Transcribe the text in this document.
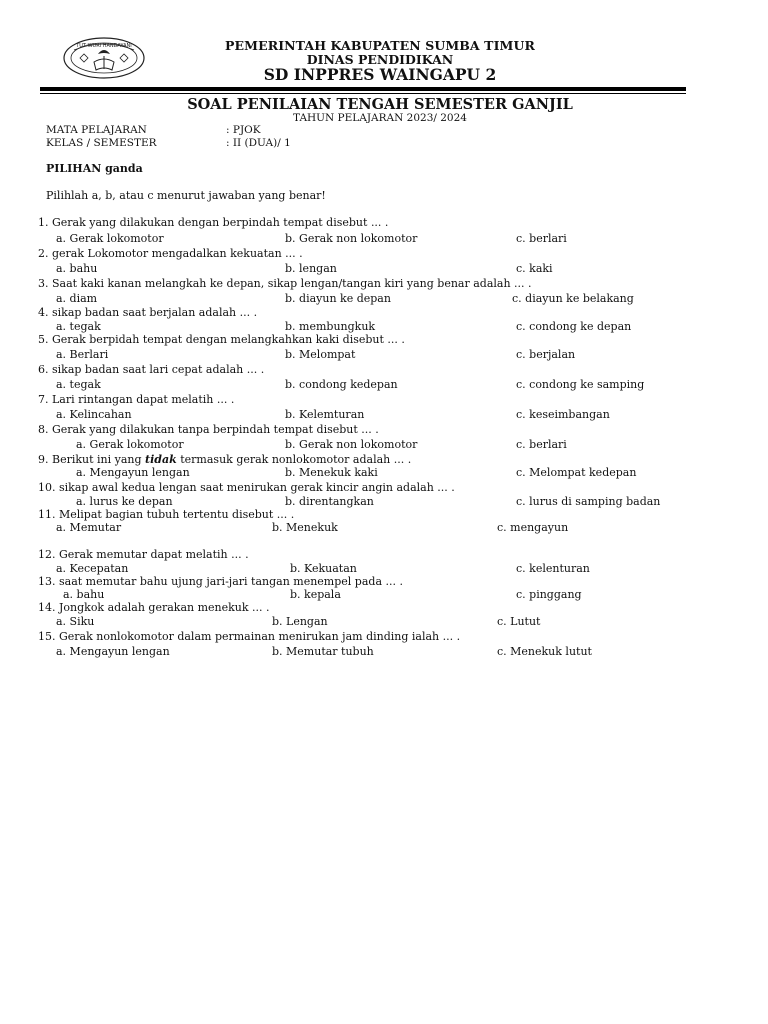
TUT WURI HANDAYANI	PEMERINTAH KABUPATEN SUMBA TIMUR
DINAS PENDIDIKAN
SD INPPRES WAINGAPU 2
SOAL PENILAIAN TENGAH SEMESTER GANJIL
TAHUN PELAJARAN 2023/ 2024
MATA PELAJARAN	: PJOK
KELAS / SEMESTER	: II (DUA)/ 1
PILIHAN ganda
Pilihlah a, b, atau c menurut jawaban yang benar!
1. Gerak yang dilakukan dengan berpindah tempat disebut ... .
a. Gerak lokomotor	b. Gerak non lokomotor	c. berlari
2. gerak Lokomotor mengadalkan kekuatan ... .
a. bahu	b. lengan	c. kaki
3. Saat kaki kanan melangkah ke depan, sikap lengan/tangan kiri yang benar adalah ... .
a. diam	b. diayun ke depan	c. diayun ke belakang
4. sikap badan saat berjalan adalah ... .
a. tegak	b. membungkuk	c. condong ke depan
5. Gerak berpidah tempat dengan melangkahkan kaki disebut ... .
a. Berlari	b. Melompat	c. berjalan
6. sikap badan saat lari cepat adalah ... .
a. tegak	b. condong kedepan	c. condong ke samping
7. Lari rintangan dapat melatih ... .
a. Kelincahan	b. Kelemturan	c. keseimbangan
8. Gerak yang dilakukan tanpa berpindah tempat disebut ... .
a. Gerak lokomotor	b. Gerak non lokomotor	c. berlari
9. Berikut ini yang tidak termasuk gerak nonlokomotor adalah ... .
a. Mengayun lengan	b. Menekuk kaki	c. Melompat kedepan
10. sikap awal kedua lengan saat menirukan gerak kincir angin adalah ... .
a. lurus ke depan	b. direntangkan	c. lurus di samping badan
11. Melipat bagian tubuh tertentu disebut ... .
a. Memutar	b. Menekuk	c. mengayun
12. Gerak memutar dapat melatih ... .
a. Kecepatan	b. Kekuatan	c. kelenturan
13. saat memutar bahu ujung jari-jari tangan menempel pada ... .
a. bahu	b. kepala	c. pinggang
14. Jongkok adalah gerakan menekuk ... .
a. Siku	b. Lengan	c. Lutut
15. Gerak nonlokomotor dalam permainan menirukan jam dinding ialah ... .
a. Mengayun lengan	b. Memutar tubuh	c. Menekuk lutut
